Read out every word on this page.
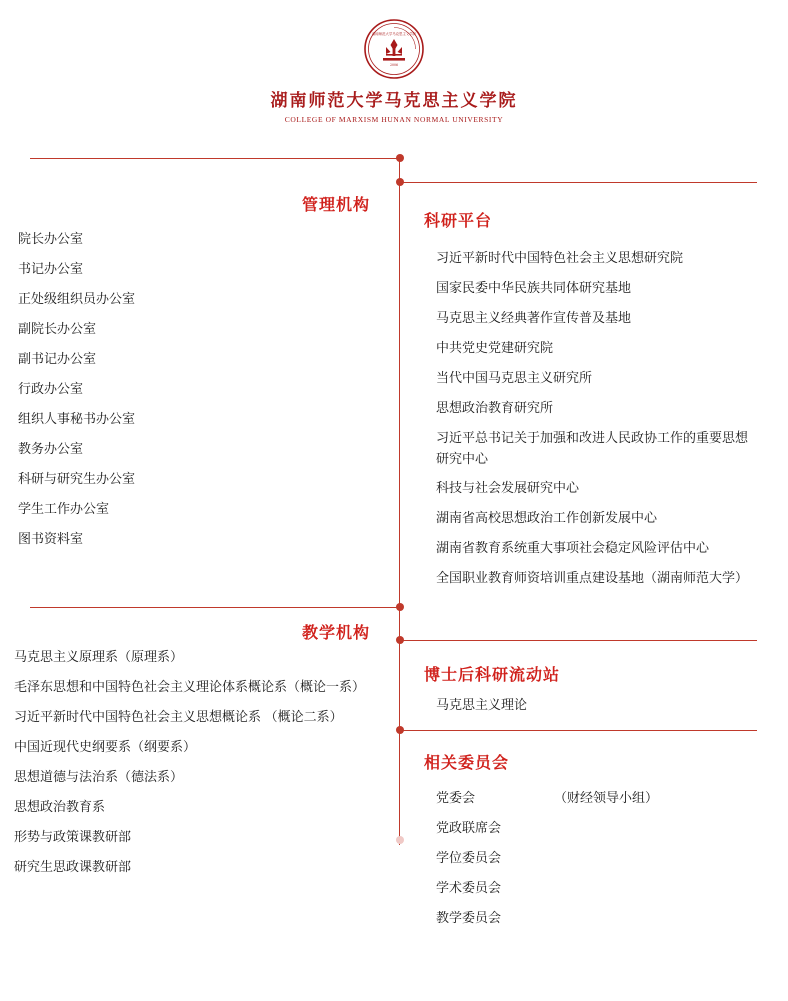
湖南师范大学马克思主义学院
2006
湖南师范大学马克思主义学院
COLLEGE OF MARXISM HUNAN NORMAL UNIVERSITY
管理机构
院长办公室
书记办公室
正处级组织员办公室
副院长办公室
副书记办公室
行政办公室
组织人事秘书办公室
教务办公室
科研与研究生办公室
学生工作办公室
图书资料室
科研平台
习近平新时代中国特色社会主义思想研究院
国家民委中华民族共同体研究基地
马克思主义经典著作宣传普及基地
中共党史党建研究院
当代中国马克思主义研究所
思想政治教育研究所
习近平总书记关于加强和改进人民政协工作的重要思想研究中心
科技与社会发展研究中心
湖南省高校思想政治工作创新发展中心
湖南省教育系统重大事项社会稳定风险评估中心
全国职业教育师资培训重点建设基地（湖南师范大学）
教学机构
马克思主义原理系（原理系）
毛泽东思想和中国特色社会主义理论体系概论系（概论一系）
习近平新时代中国特色社会主义思想概论系 （概论二系）
中国近现代史纲要系（纲要系）
思想道德与法治系（德法系）
思想政治教育系
形势与政策课教研部
研究生思政课教研部
博士后科研流动站
马克思主义理论
相关委员会
党委会	（财经领导小组）
党政联席会
学位委员会
学术委员会
教学委员会
